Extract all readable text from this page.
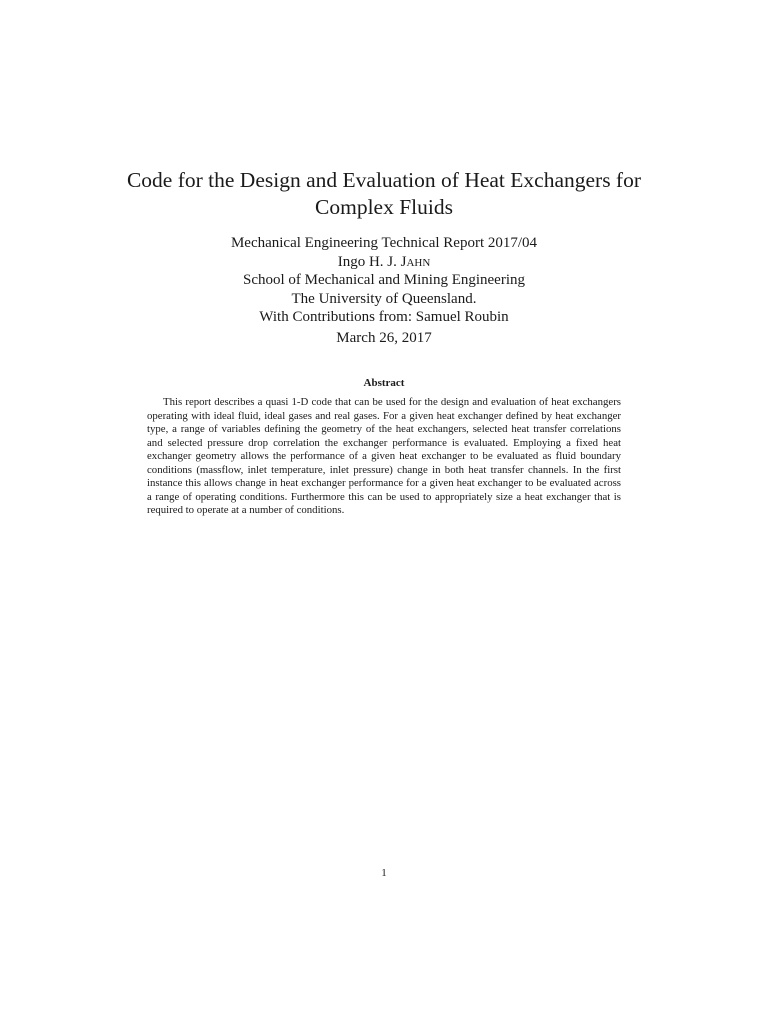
Code for the Design and Evaluation of Heat Exchangers for Complex Fluids
Mechanical Engineering Technical Report 2017/04
Ingo H. J. Jahn
School of Mechanical and Mining Engineering
The University of Queensland.
With Contributions from: Samuel Roubin
March 26, 2017
Abstract

This report describes a quasi 1-D code that can be used for the design and evaluation of heat exchangers operating with ideal fluid, ideal gases and real gases. For a given heat exchanger defined by heat exchanger type, a range of variables defining the geometry of the heat exchangers, selected heat transfer correlations and selected pressure drop correlation the exchanger performance is evaluated. Employing a fixed heat exchanger geometry allows the performance of a given heat exchanger to be evaluated as fluid boundary conditions (massflow, inlet temperature, inlet pressure) change in both heat transfer channels. In the first instance this allows change in heat exchanger performance for a given heat exchanger to be evaluated across a range of operating conditions. Furthermore this can be used to appropriately size a heat exchanger that is required to operate at a number of conditions.

1
